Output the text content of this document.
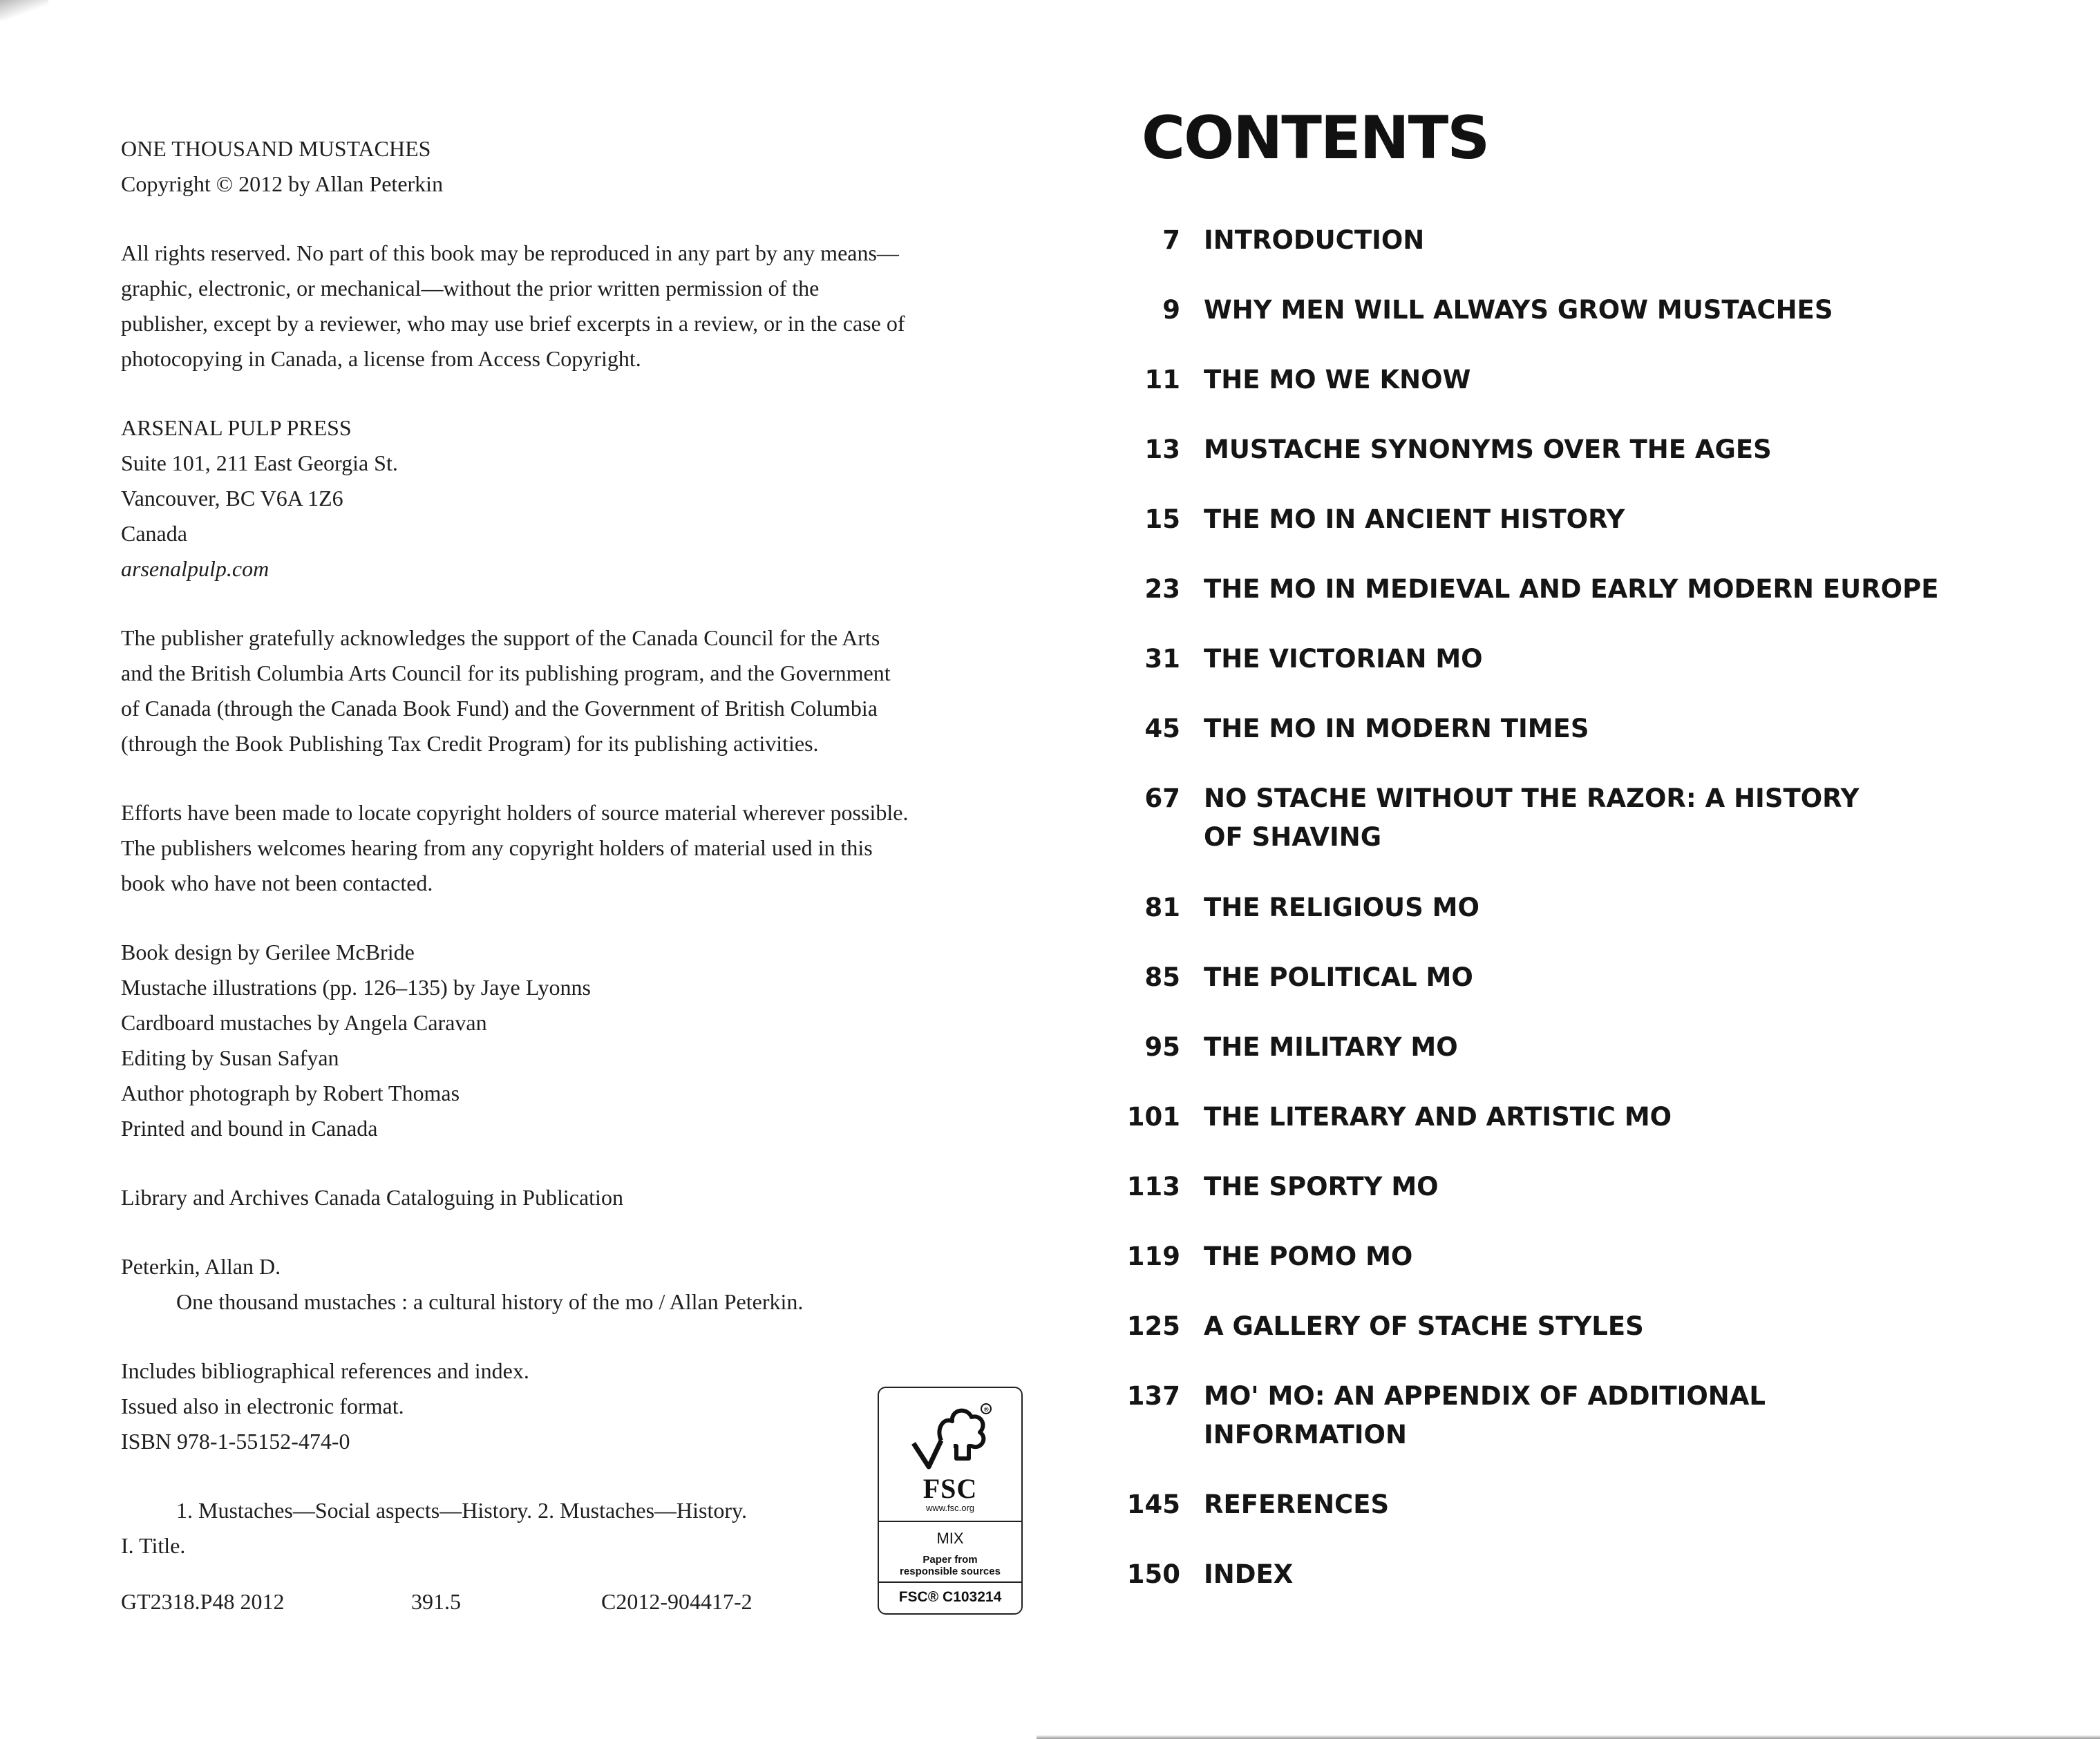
ONE THOUSAND MUSTACHES

Copyright © 2012 by Allan Peterkin

All rights reserved. No part of this book may be reproduced in any part by any means—

graphic, electronic, or mechanical—without the prior written permission of the

publisher, except by a reviewer, who may use brief excerpts in a review, or in the case of

photocopying in Canada, a license from Access Copyright.

ARSENAL PULP PRESS

Suite 101, 211 East Georgia St.

Vancouver, BC V6A 1Z6

Canada

arsenalpulp.com

The publisher gratefully acknowledges the support of the Canada Council for the Arts

and the British Columbia Arts Council for its publishing program, and the Government

of Canada (through the Canada Book Fund) and the Government of British Columbia

(through the Book Publishing Tax Credit Program) for its publishing activities.

Efforts have been made to locate copyright holders of source material wherever possible.

The publishers welcomes hearing from any copyright holders of material used in this

book who have not been contacted.

Book design by Gerilee McBride

Mustache illustrations (pp. 126–135) by Jaye Lyonns

Cardboard mustaches by Angela Caravan

Editing by Susan Safyan

Author photograph by Robert Thomas

Printed and bound in Canada

Library and Archives Canada Cataloguing in Publication

Peterkin, Allan D.

One thousand mustaches : a cultural history of the mo / Allan Peterkin.

Includes bibliographical references and index.

Issued also in electronic format.

ISBN 978-1-55152-474-0

1. Mustaches—Social aspects—History. 2. Mustaches—History.

I. Title.

GT2318.P48 2012	391.5	C2012-904417-2
®
FSC
www.fsc.org
MIX
Paper from
responsible sources
FSC® C103214
CONTENTS
7 INTRODUCTION
9 WHY MEN WILL ALWAYS GROW MUSTACHES
11 THE MO WE KNOW
13 MUSTACHE SYNONYMS OVER THE AGES
15 THE MO IN ANCIENT HISTORY
23 THE MO IN MEDIEVAL AND EARLY MODERN EUROPE
31 THE VICTORIAN MO
45 THE MO IN MODERN TIMES
67 NO STACHE WITHOUT THE RAZOR: A HISTORY OF SHAVING
81 THE RELIGIOUS MO
85 THE POLITICAL MO
95 THE MILITARY MO
101 THE LITERARY AND ARTISTIC MO
113 THE SPORTY MO
119 THE POMO MO
125 A GALLERY OF STACHE STYLES
137 MO' MO: AN APPENDIX OF ADDITIONAL INFORMATION
145 REFERENCES
150 INDEX
